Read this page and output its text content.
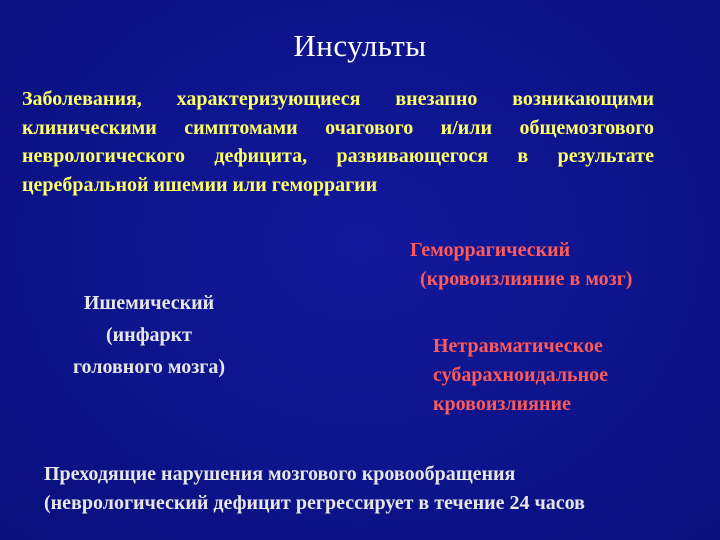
Инсульты
Заболевания, характеризующиеся внезапно возникающими клиническими симптомами очагового и/или общемозгового неврологического дефицита, развивающегося в результате церебральной ишемии или геморрагии
Ишемический
(инфаркт
головного мозга)
Геморрагический
(кровоизлияние в мозг)
Нетравматическое
субарахноидальное
кровоизлияние
Преходящие нарушения мозгового кровообращения
(неврологический дефицит регрессирует в течение 24 часов
